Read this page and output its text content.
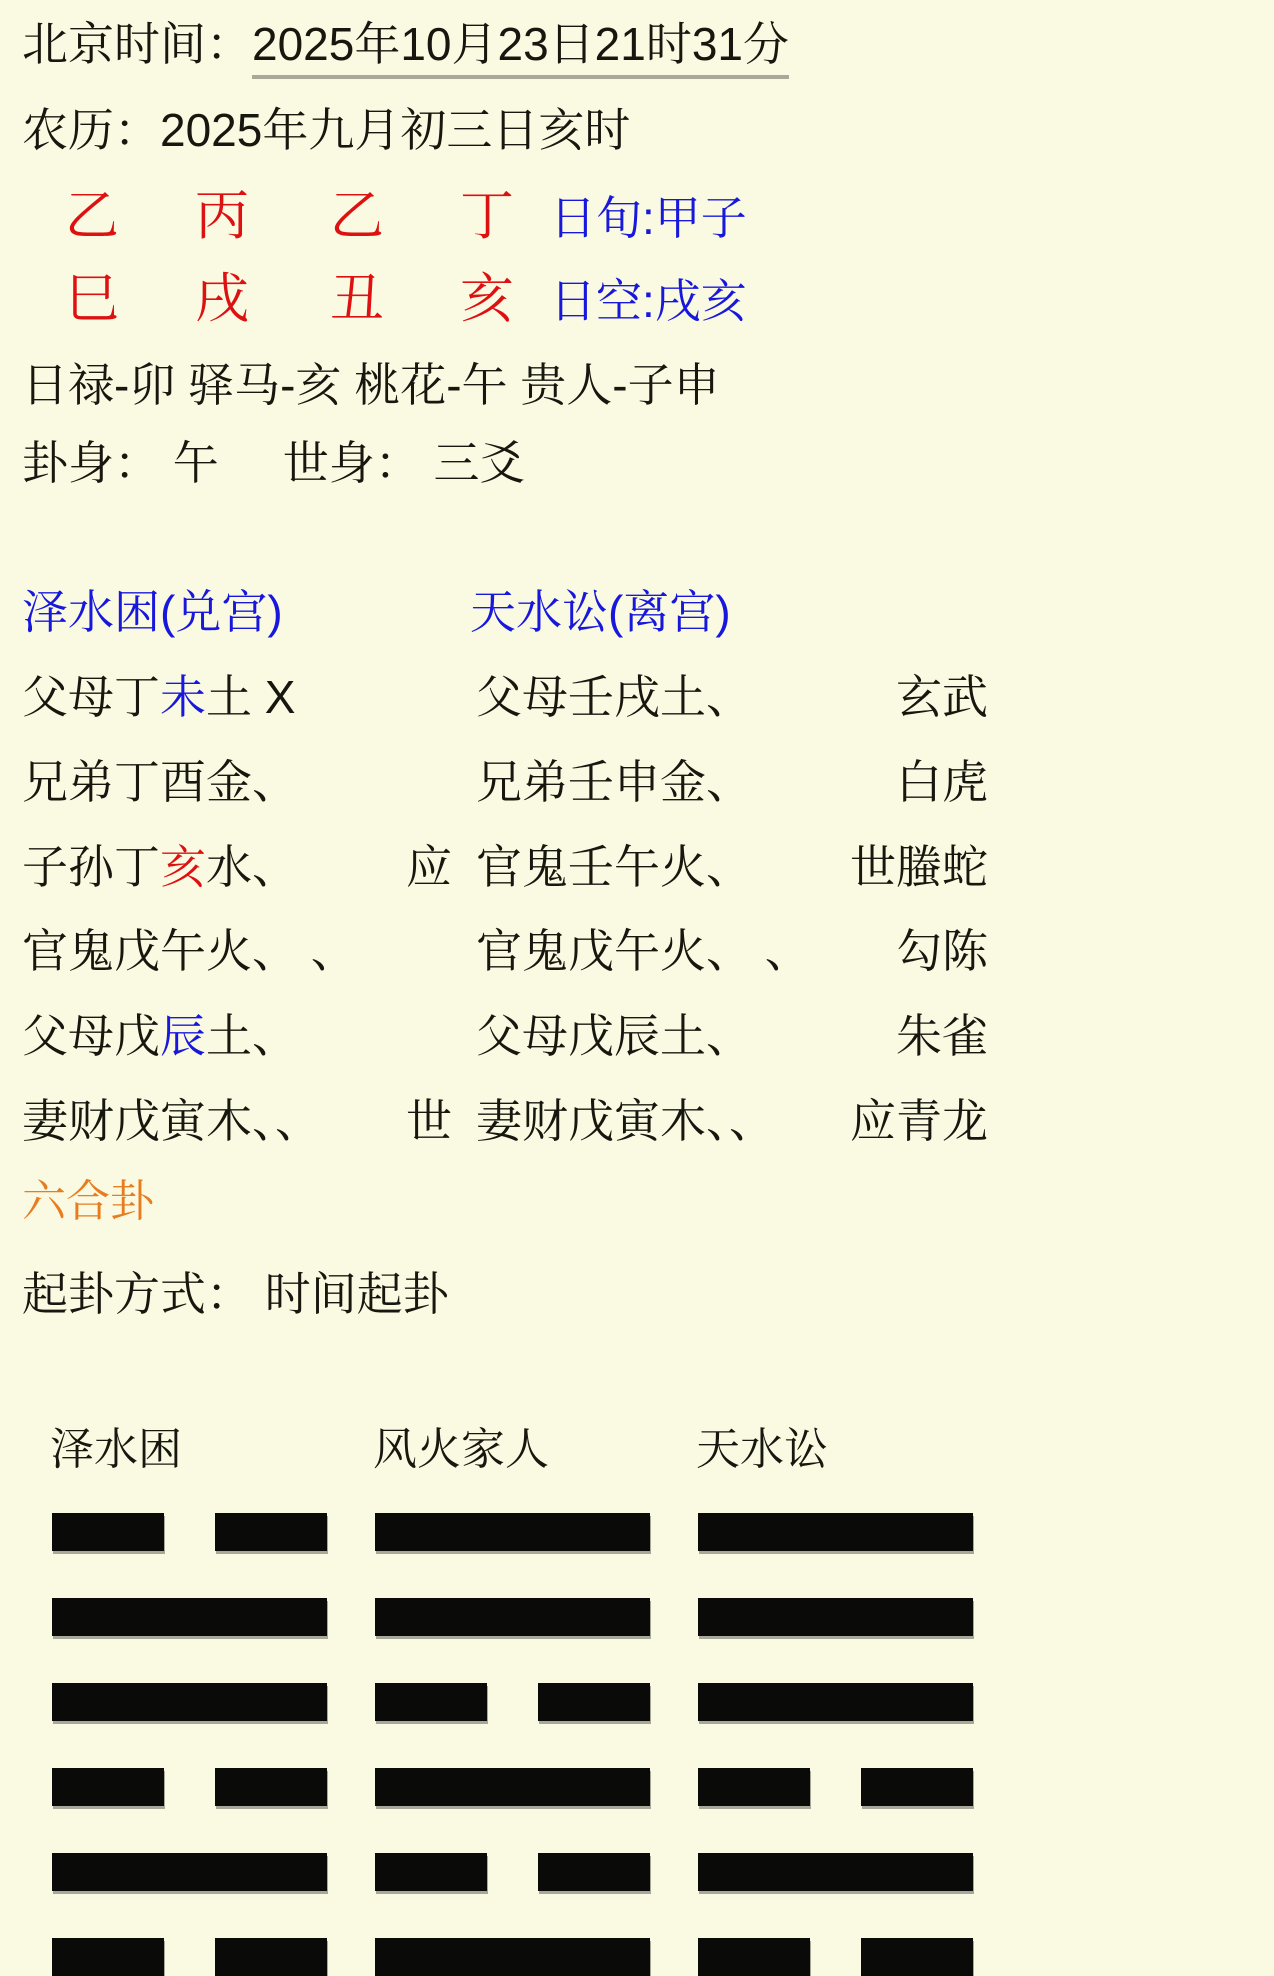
北京时间：2025年10月23日21时31分
农历：2025年九月初三日亥时
乙 丙 乙 丁 日旬:甲子
巳 戌 丑 亥 日空:戌亥
日禄-卯 驿马-亥 桃花-午 贵人-子申
卦身： 午 世身： 三爻
泽水困(兑宫)	天水讼(离宫)
父母丁未土 X	父母壬戌土、	玄武
兄弟丁酉金、	兄弟壬申金、	白虎
子孙丁亥水、	应 官鬼壬午火、	世 螣蛇
官鬼戊午火、 、	官鬼戊午火、 、	勾陈
父母戊辰土、	父母戊辰土、	朱雀
妻财戊寅木、、	世 妻财戊寅木、、	应 青龙
六合卦
起卦方式： 时间起卦
泽水困	风火家人	天水讼
